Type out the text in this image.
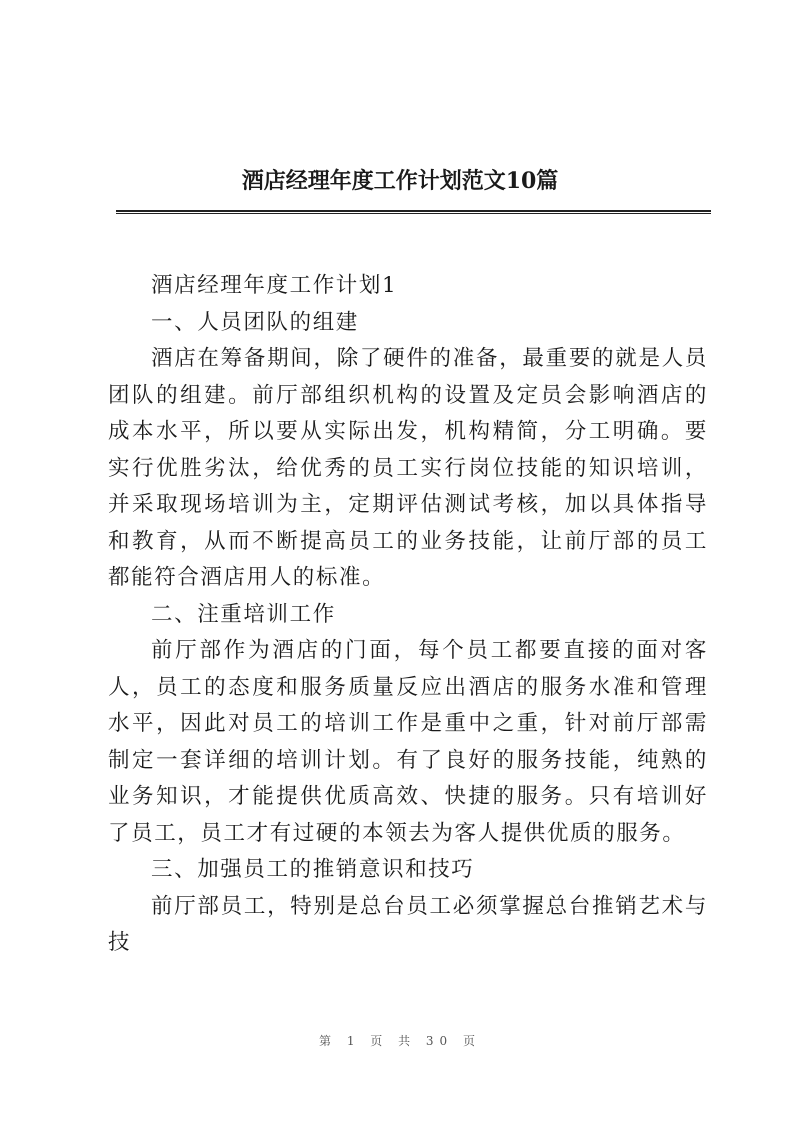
酒店经理年度工作计划范文10篇

酒店经理年度工作计划1

一、人员团队的组建

酒店在筹备期间，除了硬件的准备，最重要的就是人员团队的组建。前厅部组织机构的设置及定员会影响酒店的成本水平，所以要从实际出发，机构精简，分工明确。要实行优胜劣汰，给优秀的员工实行岗位技能的知识培训，并采取现场培训为主，定期评估测试考核，加以具体指导和教育，从而不断提高员工的业务技能，让前厅部的员工都能符合酒店用人的标准。

二、注重培训工作

前厅部作为酒店的门面，每个员工都要直接的面对客人，员工的态度和服务质量反应出酒店的服务水准和管理水平，因此对员工的培训工作是重中之重，针对前厅部需制定一套详细的培训计划。有了良好的服务技能，纯熟的业务知识，才能提供优质高效、快捷的服务。只有培训好了员工，员工才有过硬的本领去为客人提供优质的服务。

三、加强员工的推销意识和技巧

前厅部员工，特别是总台员工必须掌握总台推销艺术与技

第 1 页 共 30 页
